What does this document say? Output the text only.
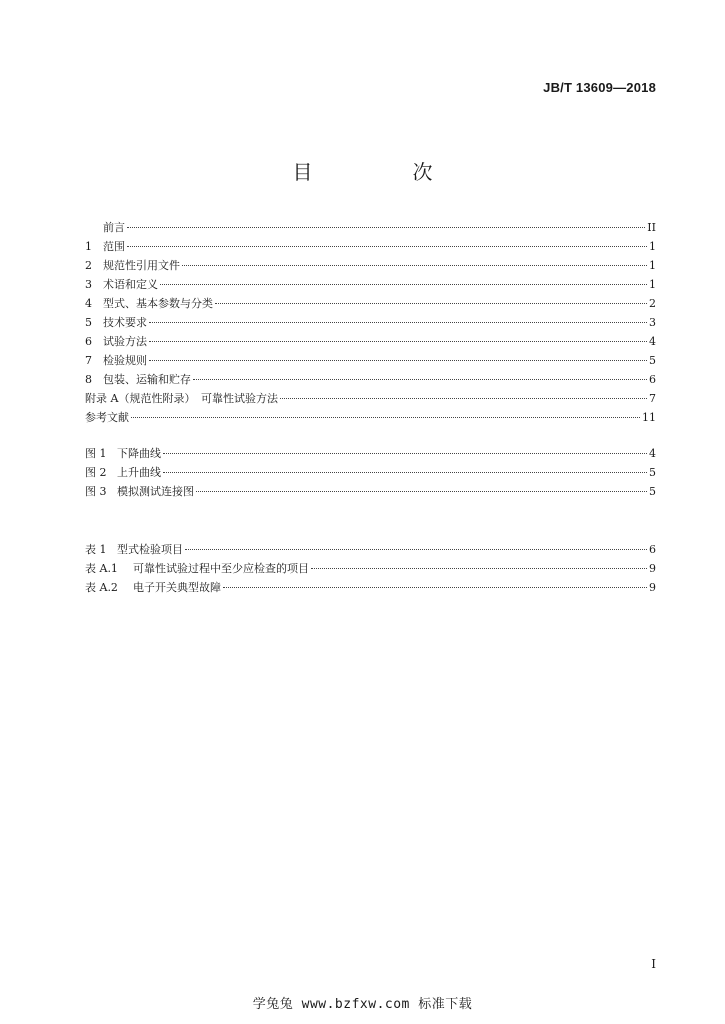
JB/T 13609—2018
目　次
前言	II
1	范围	1
2	规范性引用文件	1
3	术语和定义	1
4	型式、基本参数与分类	2
5	技术要求	3
6	试验方法	4
7	检验规则	5
8	包装、运输和贮存	6
附录 A （规范性附录）　可靠性试验方法	7
参考文献	11
图 1 下降曲线	4
图 2 上升曲线	5
图 3 模拟测试连接图	5
表 1 型式检验项目	6
表 A.1	可靠性试验过程中至少应检查的项目	9
表 A.2	电子开关典型故障	9
I
学兔兔 www.bzfxw.com 标准下载
